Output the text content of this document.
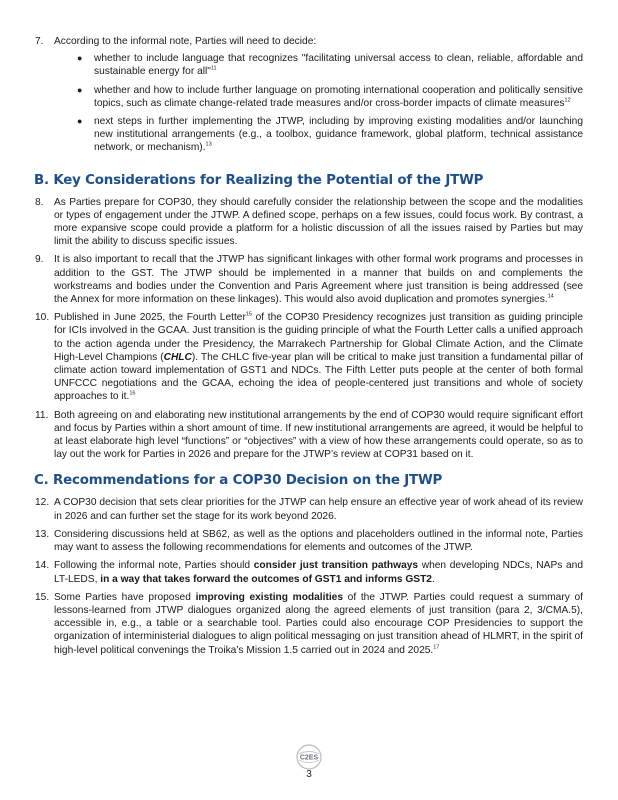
7.	According to the informal note, Parties will need to decide:
●	whether to include language that recognizes "facilitating universal access to clean, reliable, affordable and sustainable energy for all"$^{11}$
●	whether and how to include further language on promoting international cooperation and politically sensitive topics, such as climate change-related trade measures and/or cross-border impacts of climate measures$^{12}$
●	next steps in further implementing the JTWP, including by improving existing modalities and/or launching new institutional arrangements (e.g., a toolbox, guidance framework, global platform, technical assistance network, or mechanism).$^{13}$
B. Key Considerations for Realizing the Potential of the JTWP
8.	As Parties prepare for COP30, they should carefully consider the relationship between the scope and the modalities or types of engagement under the JTWP. A defined scope, perhaps on a few issues, could focus work. By contrast, a more expansive scope could provide a platform for a holistic discussion of all the issues raised by Parties but may limit the ability to discuss specific issues.
9.	It is also important to recall that the JTWP has significant linkages with other formal work programs and processes in addition to the GST. The JTWP should be implemented in a manner that builds on and complements the workstreams and bodies under the Convention and Paris Agreement where just transition is being addressed (see the Annex for more information on these linkages). This would also avoid duplication and promotes synergies.$^{14}$
10. Published in June 2025, the Fourth Letter$^{15}$ of the COP30 Presidency recognizes just transition as guiding principle for ICIs involved in the GCAA. Just transition is the guiding principle of what the Fourth Letter calls a unified approach to the action agenda under the Presidency, the Marrakech Partnership for Global Climate Action, and the Climate High-Level Champions (CHLC). The CHLC five-year plan will be critical to make just transition a fundamental pillar of climate action toward implementation of GST1 and NDCs. The Fifth Letter puts people at the center of both formal UNFCCC negotiations and the GCAA, echoing the idea of people-centered just transitions and whole of society approaches to it.$^{16}$
11. Both agreeing on and elaborating new institutional arrangements by the end of COP30 would require significant effort and focus by Parties within a short amount of time. If new institutional arrangements are agreed, it would be helpful to at least elaborate high level “functions” or “objectives” with a view of how these arrangements could operate, so as to lay out the work for Parties in 2026 and prepare for the JTWP’s review at COP31 based on it.
C. Recommendations for a COP30 Decision on the JTWP
12. A COP30 decision that sets clear priorities for the JTWP can help ensure an effective year of work ahead of its review in 2026 and can further set the stage for its work beyond 2026.
13. Considering discussions held at SB62, as well as the options and placeholders outlined in the informal note, Parties may want to assess the following recommendations for elements and outcomes of the JTWP.
14. Following the informal note, Parties should consider just transition pathways when developing NDCs, NAPs and LT-LEDS, in a way that takes forward the outcomes of GST1 and informs GST2.
15. Some Parties have proposed improving existing modalities of the JTWP. Parties could request a summary of lessons-learned from JTWP dialogues organized along the agreed elements of just transition (para 2, 3/CMA.5), accessible in, e.g., a table or a searchable tool. Parties could also encourage COP Presidencies to support the organization of interministerial dialogues to align political messaging on just transition ahead of HLMRT, in the spirit of high-level political convenings the Troika’s Mission 1.5 carried out in 2024 and 2025.17
C2ES
3
